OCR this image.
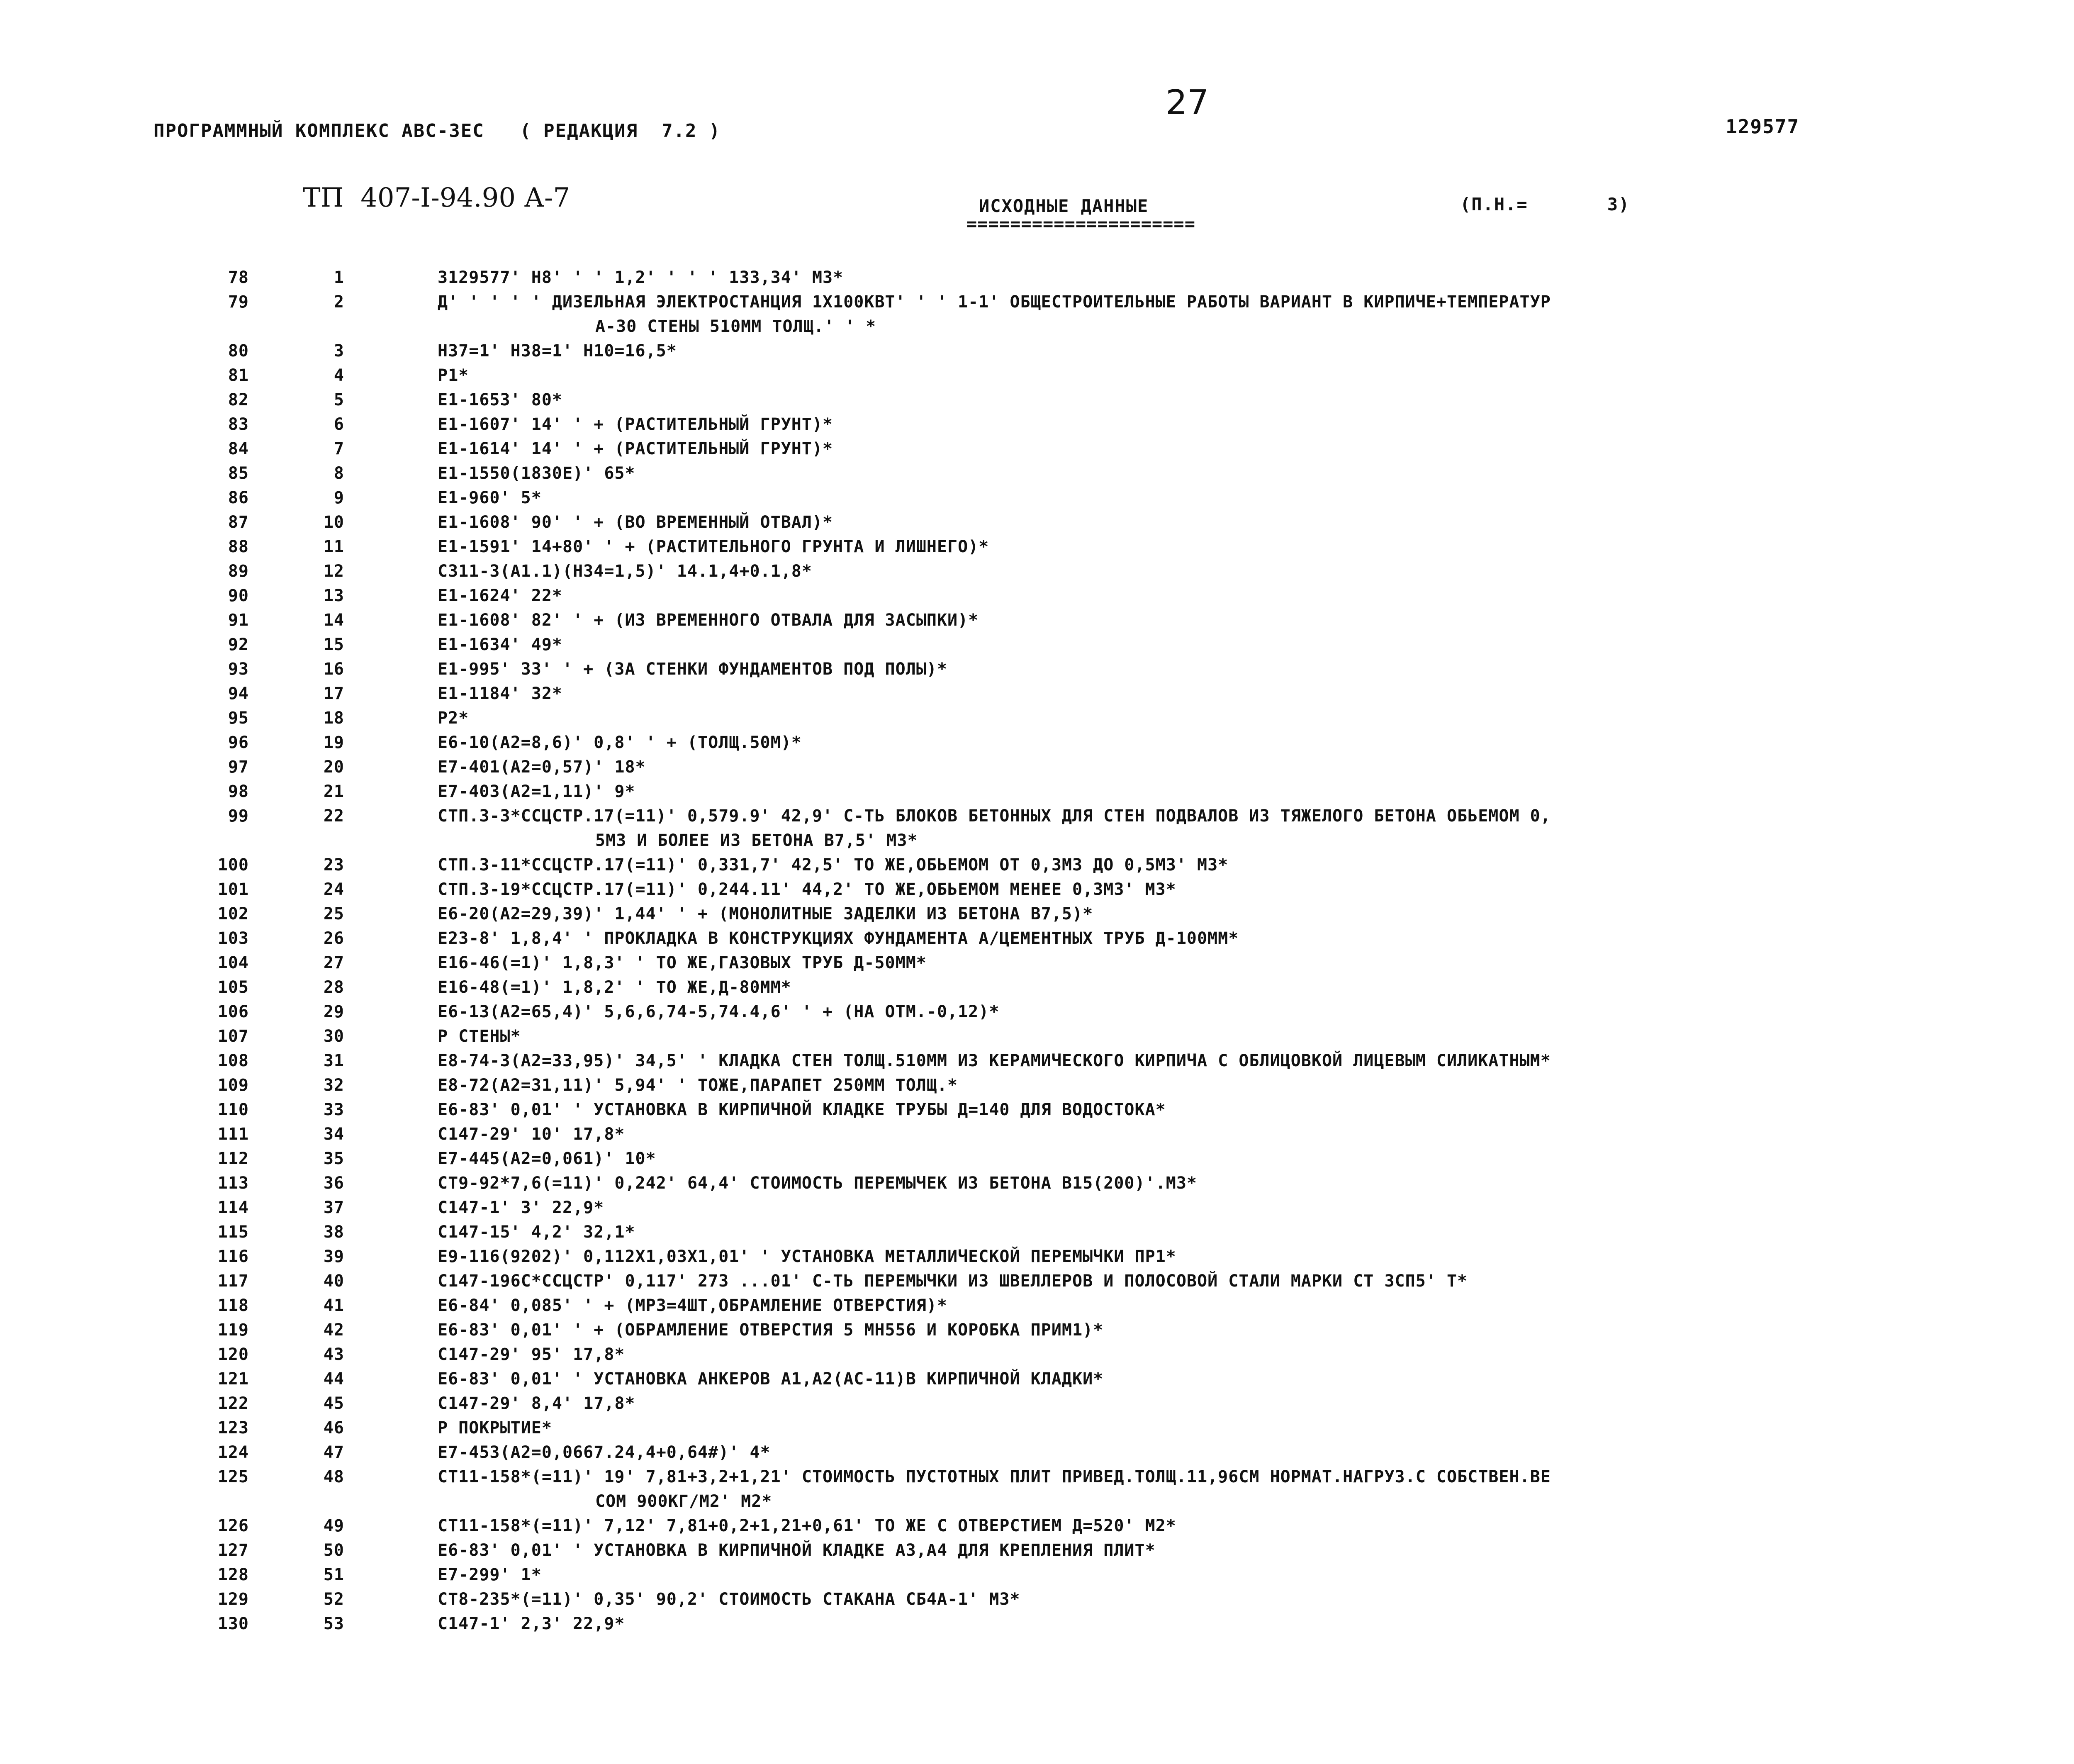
27
ПРОГРАММНЫЙ КОМПЛЕКС АВС-3ЕС   ( РЕДАКЦИЯ  7.2 )	129577
ТП  407-I-94.90 А-7	ИСХОДНЫЕ ДАННЫЕ
=====================
(П.Н.=       3)
78	1	3129577' Н8' ' ' 1,2' ' ' ' 133,34' М3*
79	2	Д' ' ' ' ' ДИЗЕЛЬНАЯ ЭЛЕКТРОСТАНЦИЯ 1Х100КВТ' ' ' 1-1' ОБЩЕСТРОИТЕЛЬНЫЕ РАБОТЫ ВАРИАНТ В КИРПИЧЕ+ТЕМПЕРАТУР
А-30 СТЕНЫ 510ММ ТОЛЩ.' ' *
80	3	Н37=1' Н38=1' Н10=16,5*
81	4	Р1*
82	5	Е1-1653' 80*
83	6	Е1-1607' 14' ' + (РАСТИТЕЛЬНЫЙ ГРУНТ)*
84	7	Е1-1614' 14' ' + (РАСТИТЕЛЬНЫЙ ГРУНТ)*
85	8	Е1-1550(1830Е)' 65*
86	9	Е1-960' 5*
87	10	Е1-1608' 90' ' + (ВО ВРЕМЕННЫЙ ОТВАЛ)*
88	11	Е1-1591' 14+80' ' + (РАСТИТЕЛЬНОГО ГРУНТА И ЛИШНЕГО)*
89	12	С311-3(А1.1)(Н34=1,5)' 14.1,4+0.1,8*
90	13	Е1-1624' 22*
91	14	Е1-1608' 82' ' + (ИЗ ВРЕМЕННОГО ОТВАЛА ДЛЯ ЗАСЫПКИ)*
92	15	Е1-1634' 49*
93	16	Е1-995' 33' ' + (ЗА СТЕНКИ ФУНДАМЕНТОВ ПОД ПОЛЫ)*
94	17	Е1-1184' 32*
95	18	Р2*
96	19	Е6-10(А2=8,6)' 0,8' ' + (ТОЛЩ.50М)*
97	20	Е7-401(А2=0,57)' 18*
98	21	Е7-403(А2=1,11)' 9*
99	22	СТП.3-3*ССЦСТР.17(=11)' 0,579.9' 42,9' С-ТЬ БЛОКОВ БЕТОННЫХ ДЛЯ СТЕН ПОДВАЛОВ ИЗ ТЯЖЕЛОГО БЕТОНА ОБЬЕМОМ 0,
5М3 И БОЛЕЕ ИЗ БЕТОНА В7,5' М3*
100	23	СТП.3-11*ССЦСТР.17(=11)' 0,331,7' 42,5' ТО ЖЕ,ОБЬЕМОМ ОТ 0,3М3 ДО 0,5М3' М3*
101	24	СТП.3-19*ССЦСТР.17(=11)' 0,244.11' 44,2' ТО ЖЕ,ОБЬЕМОМ МЕНЕЕ 0,3М3' М3*
102	25	Е6-20(А2=29,39)' 1,44' ' + (МОНОЛИТНЫЕ ЗАДЕЛКИ ИЗ БЕТОНА В7,5)*
103	26	Е23-8' 1,8,4' ' ПРОКЛАДКА В КОНСТРУКЦИЯХ ФУНДАМЕНТА А/ЦЕМЕНТНЫХ ТРУБ Д-100ММ*
104	27	Е16-46(=1)' 1,8,3' ' ТО ЖЕ,ГАЗОВЫХ ТРУБ Д-50ММ*
105	28	Е16-48(=1)' 1,8,2' ' ТО ЖЕ,Д-80ММ*
106	29	Е6-13(А2=65,4)' 5,6,6,74-5,74.4,6' ' + (НА ОТМ.-0,12)*
107	30	Р СТЕНЫ*
108	31	Е8-74-3(А2=33,95)' 34,5' ' КЛАДКА СТЕН ТОЛЩ.510ММ ИЗ КЕРАМИЧЕСКОГО КИРПИЧА С ОБЛИЦОВКОЙ ЛИЦЕВЫМ СИЛИКАТНЫМ*
109	32	Е8-72(А2=31,11)' 5,94' ' ТОЖЕ,ПАРАПЕТ 250ММ ТОЛЩ.*
110	33	Е6-83' 0,01' ' УСТАНОВКА В КИРПИЧНОЙ КЛАДКЕ ТРУБЫ Д=140 ДЛЯ ВОДОСТОКА*
111	34	С147-29' 10' 17,8*
112	35	Е7-445(А2=0,061)' 10*
113	36	СТ9-92*7,6(=11)' 0,242' 64,4' СТОИМОСТЬ ПЕРЕМЫЧЕК ИЗ БЕТОНА В15(200)'.М3*
114	37	С147-1' 3' 22,9*
115	38	С147-15' 4,2' 32,1*
116	39	Е9-116(9202)' 0,112Х1,03Х1,01' ' УСТАНОВКА МЕТАЛЛИЧЕСКОЙ ПЕРЕМЫЧКИ ПР1*
117	40	С147-196С*ССЦСТР' 0,117' 273 ...01' С-ТЬ ПЕРЕМЫЧКИ ИЗ ШВЕЛЛЕРОВ И ПОЛОСОВОЙ СТАЛИ МАРКИ СТ 3СП5' Т*
118	41	Е6-84' 0,085' ' + (МР3=4ШТ,ОБРАМЛЕНИЕ ОТВЕРСТИЯ)*
119	42	Е6-83' 0,01' ' + (ОБРАМЛЕНИЕ ОТВЕРСТИЯ 5 МН556 И КОРОБКА ПРИМ1)*
120	43	С147-29' 95' 17,8*
121	44	Е6-83' 0,01' ' УСТАНОВКА АНКЕРОВ А1,А2(АС-11)В КИРПИЧНОЙ КЛАДКИ*
122	45	С147-29' 8,4' 17,8*
123	46	Р ПОКРЫТИЕ*
124	47	Е7-453(А2=0,0667.24,4+0,64#)' 4*
125	48	СТ11-158*(=11)' 19' 7,81+3,2+1,21' СТОИМОСТЬ ПУСТОТНЫХ ПЛИТ ПРИВЕД.ТОЛЩ.11,96СМ НОРМАТ.НАГРУЗ.С СОБСТВЕН.ВЕ
СОМ 900КГ/М2' М2*
126	49	СТ11-158*(=11)' 7,12' 7,81+0,2+1,21+0,61' ТО ЖЕ С ОТВЕРСТИЕМ Д=520' М2*
127	50	Е6-83' 0,01' ' УСТАНОВКА В КИРПИЧНОЙ КЛАДКЕ А3,А4 ДЛЯ КРЕПЛЕНИЯ ПЛИТ*
128	51	Е7-299' 1*
129	52	СТ8-235*(=11)' 0,35' 90,2' СТОИМОСТЬ СТАКАНА СБ4А-1' М3*
130	53	С147-1' 2,3' 22,9*
